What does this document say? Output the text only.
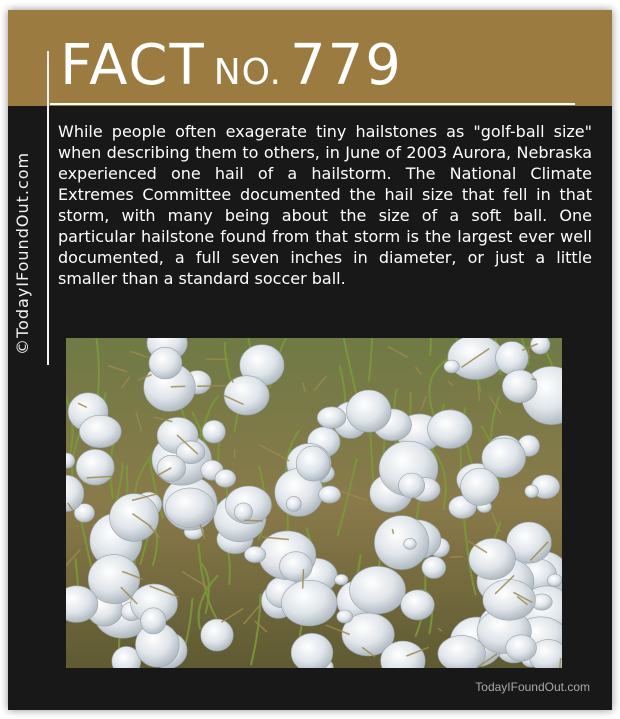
©TodayIFoundOut.com
FACT NO. 779
While people often exagerate tiny hailstones as "golf-ball size" when describing them to others, in June of 2003 Aurora, Nebraska experienced one hail of a hailstorm. The National Climate Extremes Committee documented the hail size that fell in that storm, with many being about the size of a soft ball. One particular hailstone found from that storm is the largest ever well documented, a full seven inches in diameter, or just a little smaller than a standard soccer ball.
TodayIFoundOut.com
